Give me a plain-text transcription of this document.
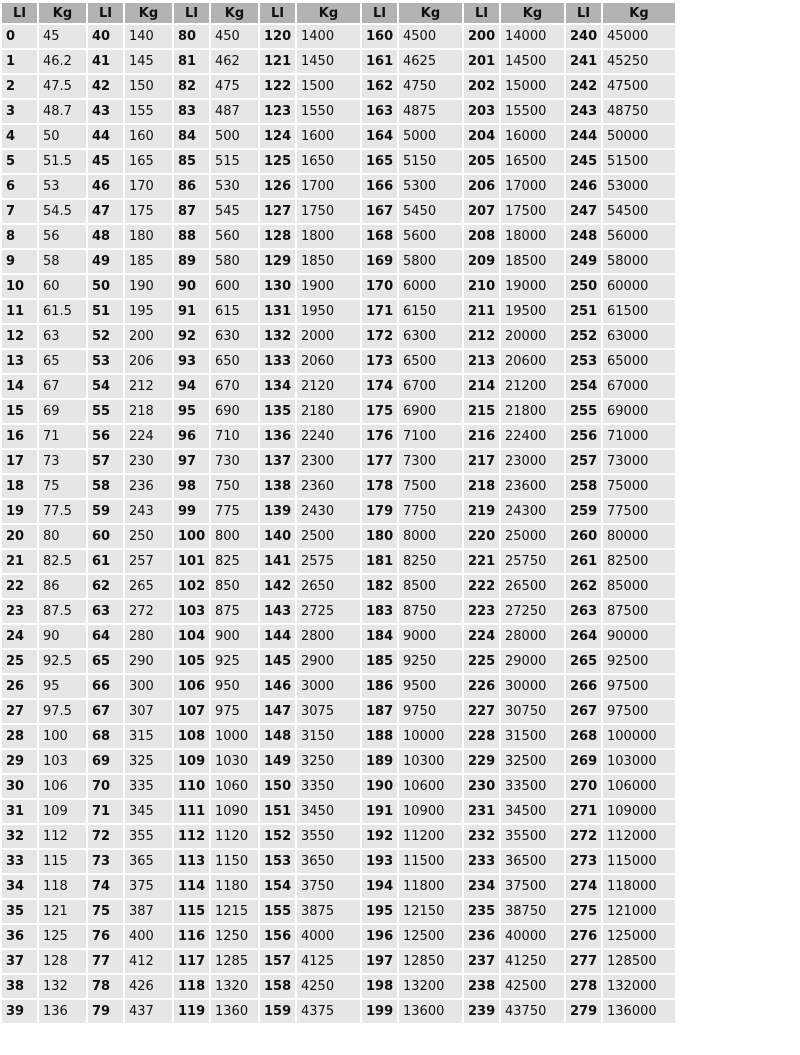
LI	Kg	LI	Kg	LI	Kg	LI	Kg	LI	Kg	LI	Kg	LI	Kg
0	45	40	140	80	450	120	1400	160	4500	200	14000	240	45000
1	46.2	41	145	81	462	121	1450	161	4625	201	14500	241	45250
2	47.5	42	150	82	475	122	1500	162	4750	202	15000	242	47500
3	48.7	43	155	83	487	123	1550	163	4875	203	15500	243	48750
4	50	44	160	84	500	124	1600	164	5000	204	16000	244	50000
5	51.5	45	165	85	515	125	1650	165	5150	205	16500	245	51500
6	53	46	170	86	530	126	1700	166	5300	206	17000	246	53000
7	54.5	47	175	87	545	127	1750	167	5450	207	17500	247	54500
8	56	48	180	88	560	128	1800	168	5600	208	18000	248	56000
9	58	49	185	89	580	129	1850	169	5800	209	18500	249	58000
10	60	50	190	90	600	130	1900	170	6000	210	19000	250	60000
11	61.5	51	195	91	615	131	1950	171	6150	211	19500	251	61500
12	63	52	200	92	630	132	2000	172	6300	212	20000	252	63000
13	65	53	206	93	650	133	2060	173	6500	213	20600	253	65000
14	67	54	212	94	670	134	2120	174	6700	214	21200	254	67000
15	69	55	218	95	690	135	2180	175	6900	215	21800	255	69000
16	71	56	224	96	710	136	2240	176	7100	216	22400	256	71000
17	73	57	230	97	730	137	2300	177	7300	217	23000	257	73000
18	75	58	236	98	750	138	2360	178	7500	218	23600	258	75000
19	77.5	59	243	99	775	139	2430	179	7750	219	24300	259	77500
20	80	60	250	100	800	140	2500	180	8000	220	25000	260	80000
21	82.5	61	257	101	825	141	2575	181	8250	221	25750	261	82500
22	86	62	265	102	850	142	2650	182	8500	222	26500	262	85000
23	87.5	63	272	103	875	143	2725	183	8750	223	27250	263	87500
24	90	64	280	104	900	144	2800	184	9000	224	28000	264	90000
25	92.5	65	290	105	925	145	2900	185	9250	225	29000	265	92500
26	95	66	300	106	950	146	3000	186	9500	226	30000	266	97500
27	97.5	67	307	107	975	147	3075	187	9750	227	30750	267	97500
28	100	68	315	108	1000	148	3150	188	10000	228	31500	268	100000
29	103	69	325	109	1030	149	3250	189	10300	229	32500	269	103000
30	106	70	335	110	1060	150	3350	190	10600	230	33500	270	106000
31	109	71	345	111	1090	151	3450	191	10900	231	34500	271	109000
32	112	72	355	112	1120	152	3550	192	11200	232	35500	272	112000
33	115	73	365	113	1150	153	3650	193	11500	233	36500	273	115000
34	118	74	375	114	1180	154	3750	194	11800	234	37500	274	118000
35	121	75	387	115	1215	155	3875	195	12150	235	38750	275	121000
36	125	76	400	116	1250	156	4000	196	12500	236	40000	276	125000
37	128	77	412	117	1285	157	4125	197	12850	237	41250	277	128500
38	132	78	426	118	1320	158	4250	198	13200	238	42500	278	132000
39	136	79	437	119	1360	159	4375	199	13600	239	43750	279	136000
